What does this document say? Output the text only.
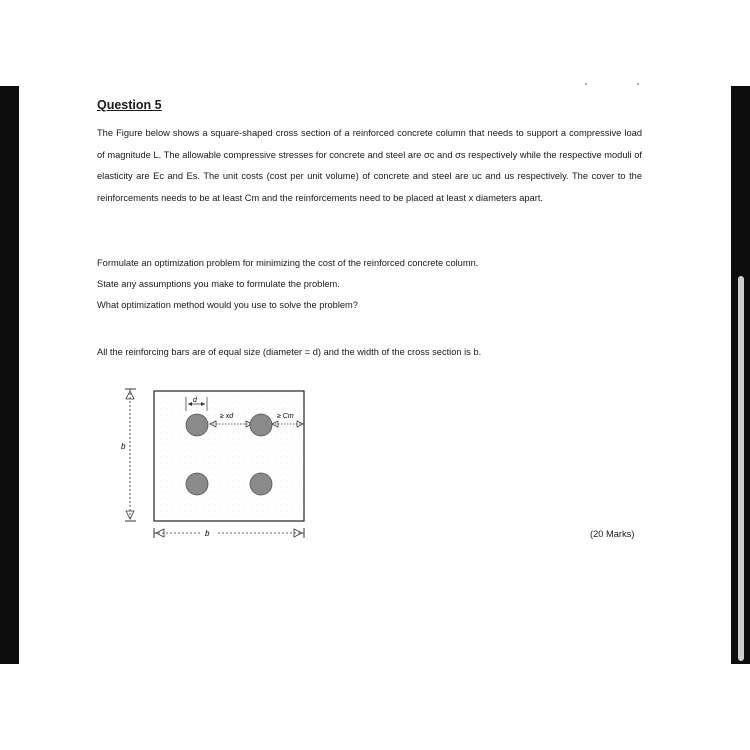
Question 5
The Figure below shows a square-shaped cross section of a reinforced concrete column that needs to support a compressive load of magnitude L. The allowable compressive stresses for concrete and steel are σc and σs respectively while the respective moduli of elasticity are Ec and Es. The unit costs (cost per unit volume) of concrete and steel are uc and us respectively. The cover to the reinforcements needs to be at least Cm and the reinforcements need to be placed at least x diameters apart.
Formulate an optimization problem for minimizing the cost of the reinforced concrete column.
State any assumptions you make to formulate the problem.
What optimization method would you use to solve the problem?
All the reinforcing bars are of equal size (diameter = d) and the width of the cross section is b.
b
b
d
≥ xd	≥ Cm
(20 Marks)
